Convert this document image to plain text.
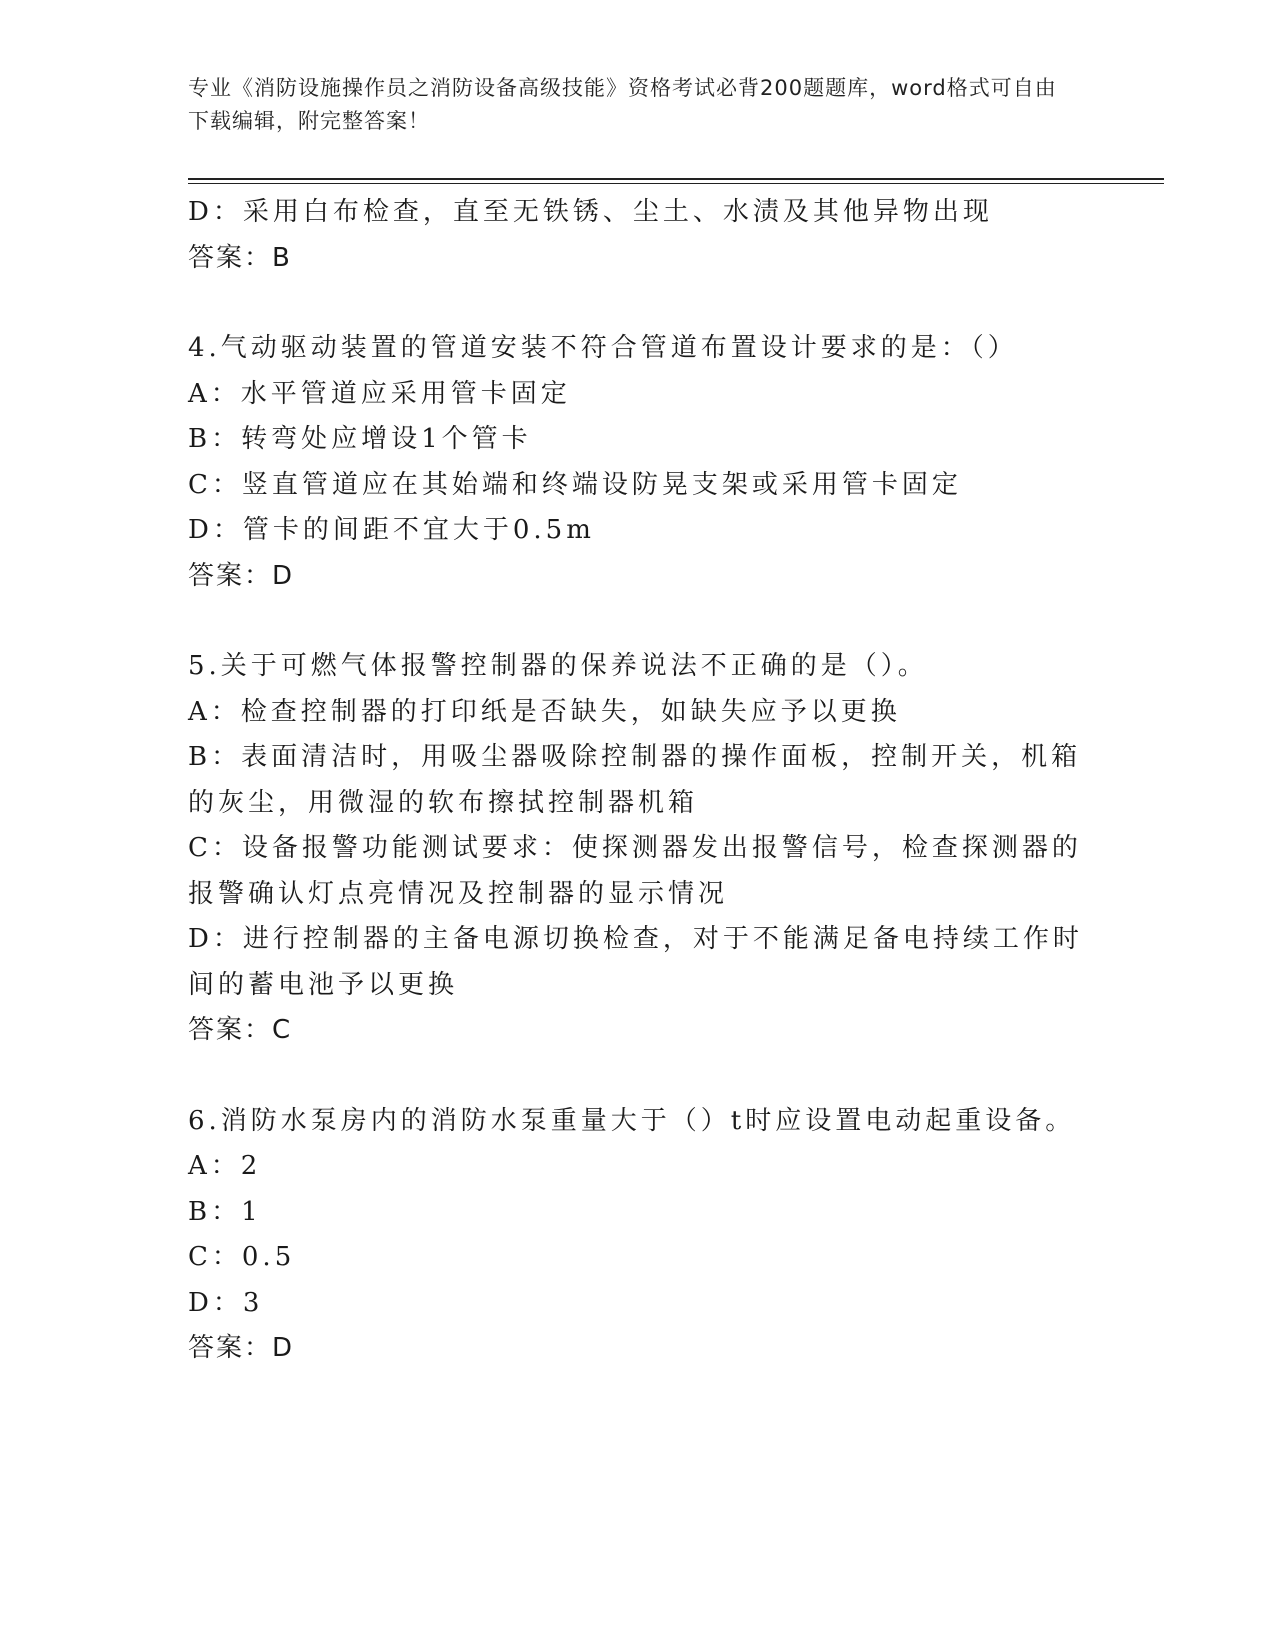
专业《消防设施操作员之消防设备高级技能》资格考试必背200题题库，word格式可自由下载编辑，附完整答案！
D：采用白布检查，直至无铁锈、尘土、水渍及其他异物出现
答案：B
4.气动驱动装置的管道安装不符合管道布置设计要求的是：（）
A：水平管道应采用管卡固定
B：转弯处应增设1个管卡
C：竖直管道应在其始端和终端设防晃支架或采用管卡固定
D：管卡的间距不宜大于0.5m
答案：D
5.关于可燃气体报警控制器的保养说法不正确的是（）。
A：检查控制器的打印纸是否缺失，如缺失应予以更换
B：表面清洁时，用吸尘器吸除控制器的操作面板，控制开关，机箱的灰尘，用微湿的软布擦拭控制器机箱
C：设备报警功能测试要求：使探测器发出报警信号，检查探测器的报警确认灯点亮情况及控制器的显示情况
D：进行控制器的主备电源切换检查，对于不能满足备电持续工作时间的蓄电池予以更换
答案：C
6.消防水泵房内的消防水泵重量大于（）t时应设置电动起重设备。
A：2
B：1
C：0.5
D：3
答案：D
